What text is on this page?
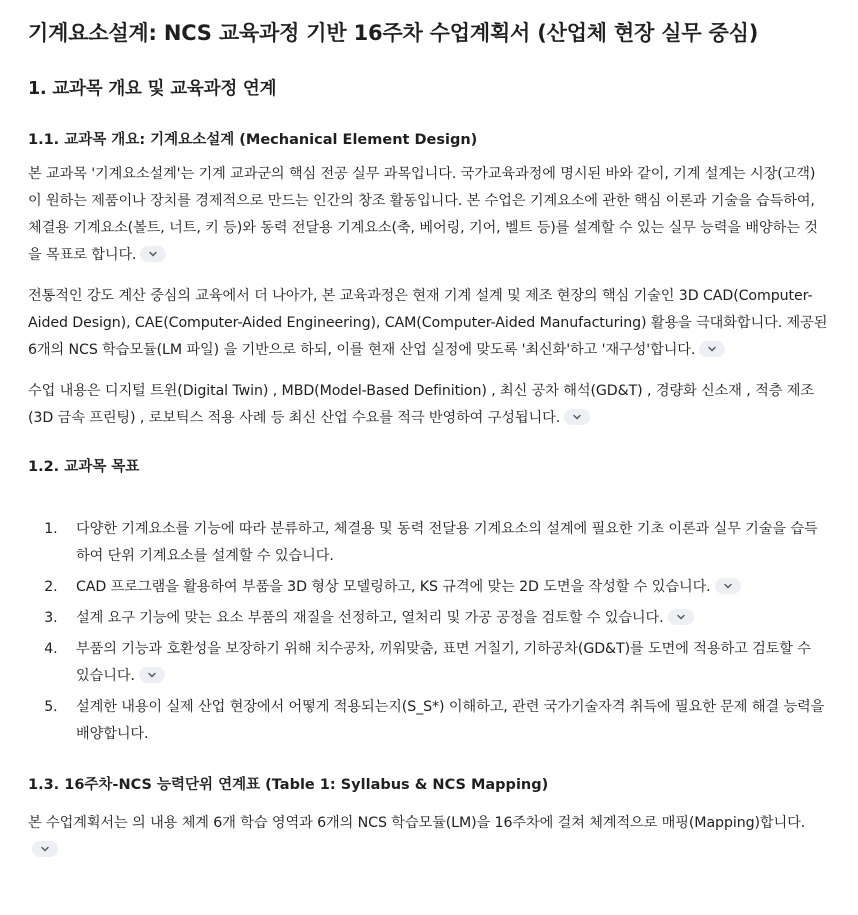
기계요소설계: NCS 교육과정 기반 16주차 수업계획서 (산업체 현장 실무 중심)
1. 교과목 개요 및 교육과정 연계
1.1. 교과목 개요: 기계요소설계 (Mechanical Element Design)

본 교과목 '기계요소설계'는 기계 교과군의 핵심 전공 실무 과목입니다. 국가교육과정에 명시된 바와 같이, 기계 설계는 시장(고객)이 원하는 제품이나 장치를 경제적으로 만드는 인간의 창조 활동입니다. 본 수업은 기계요소에 관한 핵심 이론과 기술을 습득하여, 체결용 기계요소(볼트, 너트, 키 등)와 동력 전달용 기계요소(축, 베어링, 기어, 벨트 등)를 설계할 수 있는 실무 능력을 배양하는 것을 목표로 합니다.

전통적인 강도 계산 중심의 교육에서 더 나아가, 본 교육과정은 현재 기계 설계 및 제조 현장의 핵심 기술인 3D CAD(Computer-Aided Design), CAE(Computer-Aided Engineering), CAM(Computer-Aided Manufacturing) 활용을 극대화합니다. 제공된 6개의 NCS 학습모듈(LM 파일) 을 기반으로 하되, 이를 현재 산업 실정에 맞도록 '최신화'하고 '재구성'합니다.

수업 내용은 디지털 트윈(Digital Twin) , MBD(Model-Based Definition) , 최신 공차 해석(GD&T) , 경량화 신소재 , 적층 제조(3D 금속 프린팅) , 로보틱스 적용 사례 등 최신 산업 수요를 적극 반영하여 구성됩니다.

1.2. 교과목 목표
1. 다양한 기계요소를 기능에 따라 분류하고, 체결용 및 동력 전달용 기계요소의 설계에 필요한 기초 이론과 실무 기술을 습득하여 단위 기계요소를 설계할 수 있습니다.
2. CAD 프로그램을 활용하여 부품을 3D 형상 모델링하고, KS 규격에 맞는 2D 도면을 작성할 수 있습니다.
3. 설계 요구 기능에 맞는 요소 부품의 재질을 선정하고, 열처리 및 가공 공정을 검토할 수 있습니다.
4. 부품의 기능과 호환성을 보장하기 위해 치수공차, 끼워맞춤, 표면 거칠기, 기하공차(GD&T)를 도면에 적용하고 검토할 수 있습니다.
5. 설계한 내용이 실제 산업 현장에서 어떻게 적용되는지(S_S*) 이해하고, 관련 국가기술자격 취득에 필요한 문제 해결 능력을 배양합니다.
1.3. 16주차-NCS 능력단위 연계표 (Table 1: Syllabus & NCS Mapping)

본 수업계획서는 의 내용 체계 6개 학습 영역과 6개의 NCS 학습모듈(LM)을 16주차에 걸쳐 체계적으로 매핑(Mapping)합니다.
